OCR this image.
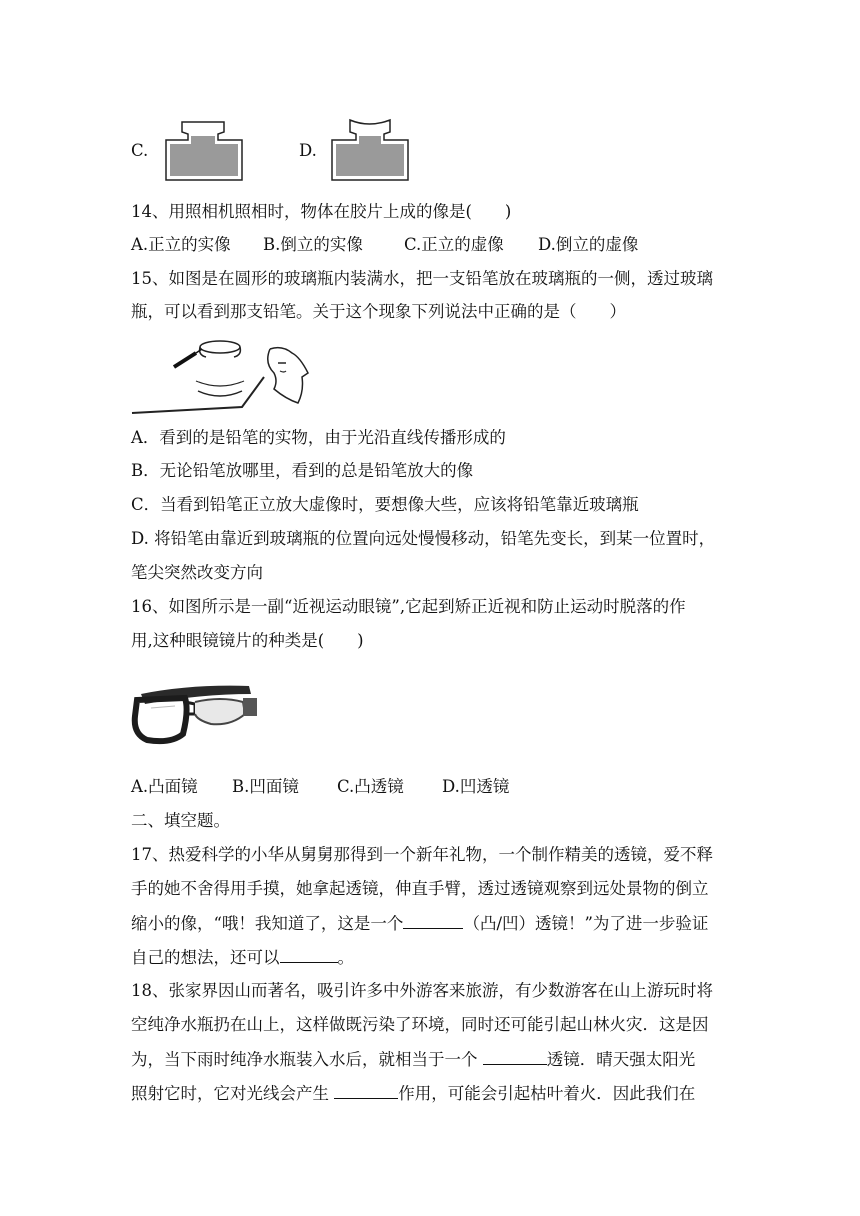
C.	D.
14、用照相机照相时，物体在胶片上成的像是(　　)
A.正立的实像 B.倒立的实像 C.正立的虚像 D.倒立的虚像
15、如图是在圆形的玻璃瓶内装满水，把一支铅笔放在玻璃瓶的一侧，透过玻璃
瓶，可以看到那支铅笔。关于这个现象下列说法中正确的是（　　）
A．看到的是铅笔的实物，由于光沿直线传播形成的
B．无论铅笔放哪里，看到的总是铅笔放大的像
C．当看到铅笔正立放大虚像时，要想像大些，应该将铅笔靠近玻璃瓶
D. 将铅笔由靠近到玻璃瓶的位置向远处慢慢移动，铅笔先变长，到某一位置时，
笔尖突然改变方向
16、如图所示是一副“近视运动眼镜”,它起到矫正近视和防止运动时脱落的作
用,这种眼镜镜片的种类是(　　)
A.凸面镜 B.凹面镜 C.凸透镜 D.凹透镜
二、填空题。
17、热爱科学的小华从舅舅那得到一个新年礼物，一个制作精美的透镜，爱不释
手的她不舍得用手摸，她拿起透镜，伸直手臂，透过透镜观察到远处景物的倒立
缩小的像，“哦！我知道了，这是一个	（凸/凹）透镜！”为了进一步验证
自己的想法，还可以	。
18、张家界因山而著名，吸引许多中外游客来旅游，有少数游客在山上游玩时将
空纯净水瓶扔在山上，这样做既污染了环境，同时还可能引起山林火灾．这是因
为，当下雨时纯净水瓶装入水后，就相当于一个	透镜．晴天强太阳光
照射它时，它对光线会产生	作用，可能会引起枯叶着火．因此我们在
